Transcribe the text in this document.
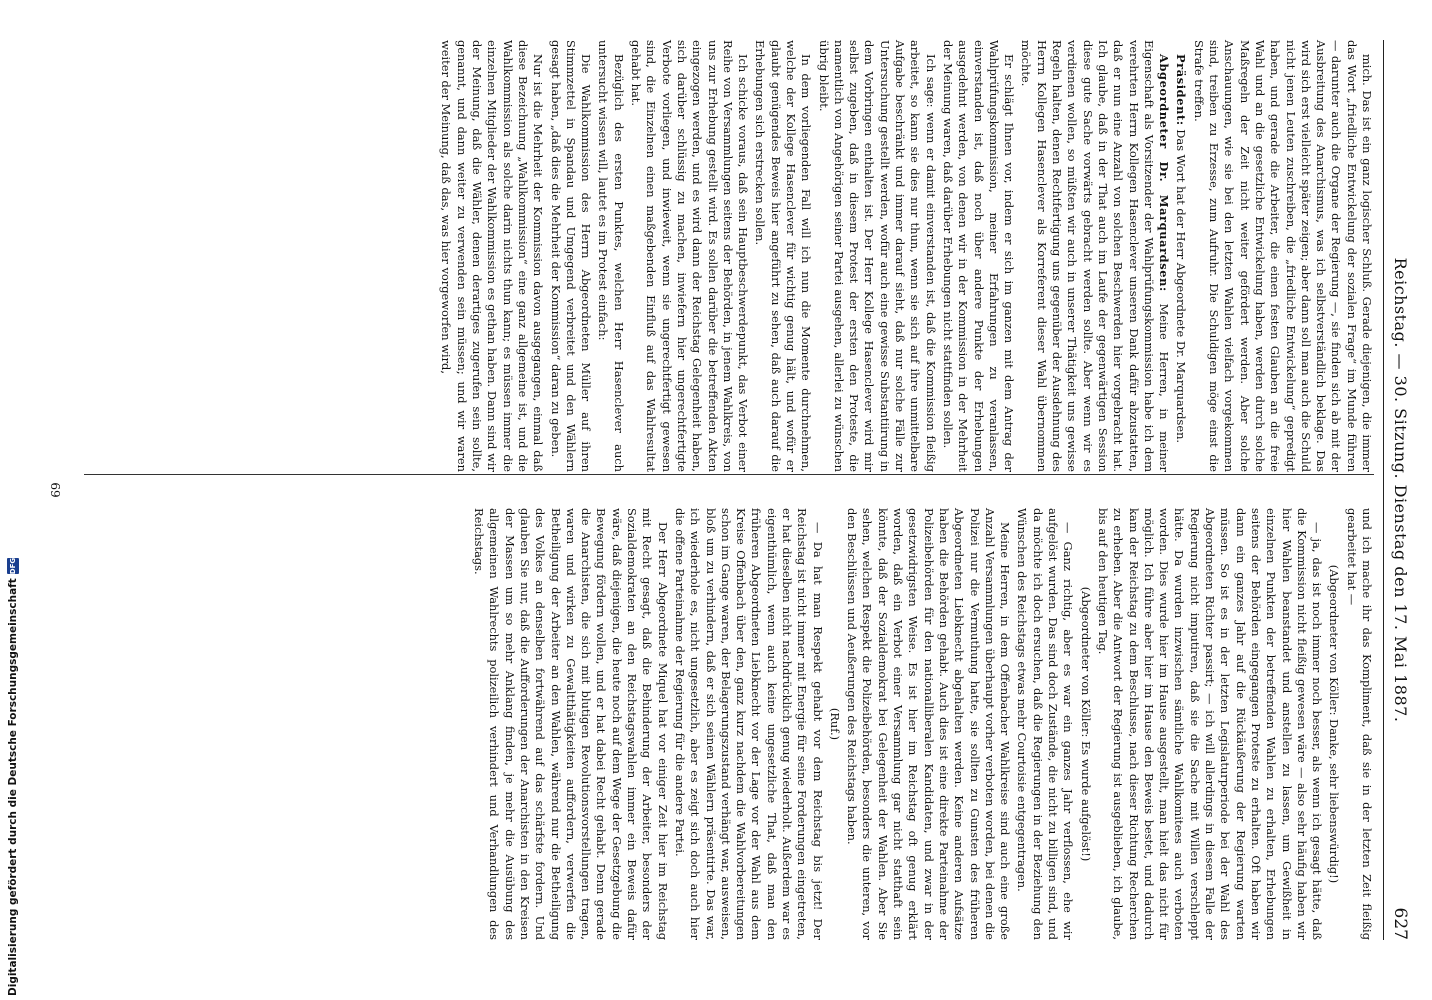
Reichstag. — 30. Sitzung. Dienstag den 17. Mai 1887.
627

mich. Das ist ein ganz logischer Schluß. Gerade diejenigen, die immer das Wort „friedliche Entwickelung der sozialen Frage“ im Munde führen — darunter auch die Organe der Regierung —, sie finden sich ab mit der Ausbreitung des Anarchismus, was ich selbstverständlich beklage. Das wird sich erst vielleicht später zeigen; aber dann soll man auch die Schuld nicht jenen Leuten zuschreiben, die „friedliche Entwickelung“ gepredigt haben, und gerade die Arbeiter, die einen festen Glauben an die freie Wahl und an die gesetzliche Entwickelung haben, werden durch solche Maßregeln der Zeit nicht weiter gefördert werden. Aber solche Anschauungen, wie sie bei den letzten Wahlen vielfach vorgekommen sind, treiben zu Erzesse, zum Aufruhr. Die Schuldigen möge einst die Strafe treffen.

Präsident: Das Wort hat der Herr Abgeordnete Dr. Marquardsen.

Abgeordneter Dr. Marquardsen: Meine Herren, in meiner Eigenschaft als Vorsitzender der Wahlprüfungskommission habe ich dem verehrten Herrn Kollegen Hasenclever unseren Dank dafür abzustatten, daß er nun eine Anzahl von solchen Beschwerden hier vorgebracht hat. Ich glaube, daß in der That auch im Laufe der gegenwärtigen Session diese gute Sache vorwärts gebracht werden sollte. Aber wenn wir es verdienen wollen, so müßten wir auch in unserer Thätigkeit uns gewisse Regeln halten, denen Rechtfertigung uns gegenüber der Ausdehnung des Herrn Kollegen Hasenclever als Korreferent dieser Wahl übernommen möchte.

Er schlägt Ihnen vor, indem er sich im ganzen mit dem Antrag der Wahlprüfungskommission, meiner Erfahrungen zu veranlassen, einverstanden ist, daß noch über andere Punkte der Erhebungen ausgedehnt werden, von denen wir in der Kommission in der Mehrheit der Meinung waren, daß darüber Erhebungen nicht stattfinden sollen.

Ich sage: wenn er damit einverstanden ist, daß die Kommission fleißig arbeitet, so kann sie dies nur thun, wenn sie sich auf ihre unmittelbare Aufgabe beschränkt und immer darauf sieht, daß nur solche Fälle zur Untersuchung gestellt werden, wofür auch eine gewisse Substantiirung in dem Vorbringen enthalten ist. Der Herr Kollege Hasenclever wird mir selbst zugeben, daß in diesem Protest der ersten den Proteste, die namentlich von Angehörigen seiner Partei ausgehen, allerlei zu wünschen übrig bleibt.

In dem vorliegenden Fall will ich nun die Momente durchnehmen, welche der Kollege Hasenclever für wichtig genug hält, und wofür er glaubt genügendes Beweis hier angeführt zu sehen, daß auch darauf die Erhebungen sich erstrecken sollen.

Ich schicke voraus, daß sein Hauptbeschwerdepunkt, das Verbot einer Reihe von Versammlungen seitens der Behörden, in jenem Wahlkreis, von uns zur Erhebung gestellt wird. Es sollen darüber die betreffenden Akten eingezogen werden, und es wird dann der Reichstag Gelegenheit haben, sich darüber schlüssig zu machen, inwiefern hier ungerechtfertigte Verbote vorliegen, und inwieweit, wenn sie ungerechtfertigt gewesen sind, die Einzelnen einen maßgebenden Einfluß auf das Wahlresultat gehabt hat.

Bezüglich des ersten Punktes, welchen Herr Hasenclever auch untersucht wissen will, lautet es im Protest einfach:

Die Wahlkommission des Herrn Abgeordneten Müller auf ihren Stimmzettel in Spandau und Umgegend verbreitet und den Wählern gesagt haben, „daß dies die Mehrheit der Kommission“ daran zu geben.

Nur ist die Mehrheit der Kommission davon ausgegangen, einmal daß diese Bezeichnung „Wahlkommission“ eine ganz allgemeine ist, und die Wahlkommission als solche darin nichts thun kann; es müssen immer die einzelnen Mitglieder der Wahlkommission es gethan haben. Dann sind wir der Meinung, daß die Wähler, denen derartiges zugerufen sein sollte, genannt, und dann weiter zu verwenden sein müssen; und wir waren weiter der Meinung, daß das, was hier vorgeworfen wird,

und ich mache ihr das Kompliment, daß sie in der letzten Zeit fleißig gearbeitet hat —

(Abgeordneter von Köller: Danke, sehr liebenswürdig!)

— ja, das ist noch immer noch besser, als wenn ich gesagt hätte, daß die Kommission nicht fleißig gewesen wäre — also sehr häufig haben wir hier Wahlen beanstandet und anstellen zu lassen, um Gewißheit in einzelnen Punkten der betreffenden Wahlen zu erhalten, Erhebungen seitens der Behörden eingegangen Proteste zu erhalten. Oft haben wir dann ein ganzes Jahr auf die Rückäußerung der Regierung warten müssen. So ist es in der letzten Legislaturperiode bei der Wahl des Abgeordneten Richter passirt; — ich will allerdings in diesem Falle der Regierung nicht imputiren, daß sie die Sache mit Willen verschleppt hätte. Da wurden inzwischen sämtliche Wahlkomitees auch verboten worden. Dies wurde hier im Hause ausgestellt, man hielt das nicht für möglich. Ich führe aber hier im Hause den Beweis bestet, und dadurch kam der Reichstag zu dem Beschlusse, nach dieser Richtung Recherchen zu erheben. Aber die Antwort der Regierung ist ausgeblieben, ich glaube, bis auf den heutigen Tag.

(Abgeordneter von Köller: Es wurde aufgelöst!)

— Ganz richtig, aber es war ein ganzes Jahr verflossen, ehe wir aufgelöst wurden. Das sind doch Zustände, die nicht zu billigen sind, und da möchte ich doch ersuchen, daß die Regierungen in der Beziehung den Wünschen des Reichstags etwas mehr Courtoisie entgegentragen.

Meine Herren, in dem Offenbacher Wahlkreise sind auch eine große Anzahl Versammlungen überhaupt vorher verboten worden, bei denen die Polizei nur die Vermuthung hatte, sie sollten zu Gunsten des früheren Abgeordneten Liebknecht abgehalten werden. Keine anderen Aufsätze haben die Behörden gehabt. Auch dies ist eine direkte Parteinahme der Polizeibehörden für den nationalliberalen Kandidaten, und zwar in der gesetzwidrigsten Weise. Es ist hier im Reichstag oft genug erklärt worden, daß ein Verbot einer Versammlung gar nicht statthaft sein könnte, daß der Sozialdemokrat bei Gelegenheit der Wahlen. Aber Sie sehen, welchen Respekt die Polizeibehörden, besonders die unteren, vor den Beschlüssen und Aeußerungen des Reichstags haben.

(Ruf.)

— Da hat man Respekt gehabt vor dem Reichstag bis jetzt! Der Reichstag ist nicht immer mit Energie für seine Forderungen eingetreten, er hat dieselben nicht nachdrücklich genug wiederholt. Außerdem war es eigenthümlich, wenn auch keine ungesetzliche That, daß man den früheren Abgeordneten Liebknecht vor der Lage vor der Wahl aus dem Kreise Offenbach über den, ganz kurz nachdem die Wahlvorbereitungen schon im Gange waren, der Belagerungszustand verhängt war, ausweisen, bloß um zu verhindern, daß er sich seinen Wählern präsentirte. Das war, ich wiederhole es, nicht ungesetzlich, aber es zeigt sich doch auch hier die offene Parteinahme der Regierung für die andere Partei.

Der Herr Abgeordnete Miquel hat vor einiger Zeit hier im Reichstag mit Recht gesagt, daß die Behinderung der Arbeiter, besonders der Sozialdemokraten an den Reichstagswahlen immer ein Beweis dafür wäre, daß diejenigen, die heute noch auf dem Wege der Gesetzgebung die Bewegung fördern wollen, und er hat dabei Recht gehabt. Denn gerade die Anarchisten, die sich mit blutigen Revolutionsvorstellungen tragen, waren und wirken zu Gewaltthätigkeiten auffordern, verwerfen die Betheiligung der Arbeiter an den Wahlen, während nur die Betheiligung des Volkes an denselben fortwährend auf das schärfste fordern. Und glauben Sie nur, daß die Aufforderungen der Anarchisten in den Kreisen der Massen um so mehr Anklang finden, je mehr die Ausübung des allgemeinen Wahlrechts polizeilich verhindert und Verhandlungen des Reichstags.

69
Digitalisierung gefördert durch die Deutsche Forschungsgemeinschaft
DFG
